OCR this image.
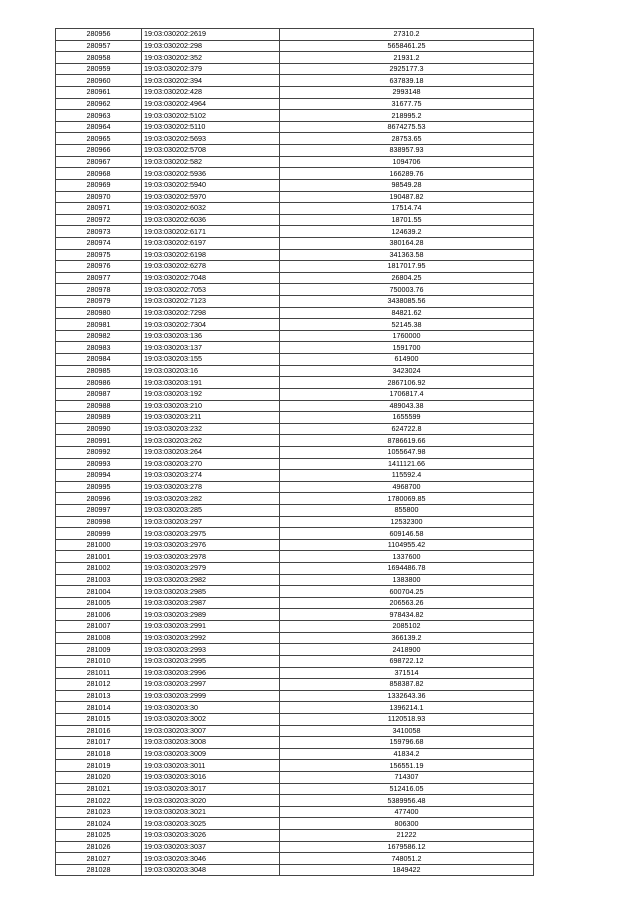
280956	19:03:030202:2619	27310.2
280957	19:03:030202:298	5658461.25
280958	19:03:030202:352	21931.2
280959	19:03:030202:379	2925177.3
280960	19:03:030202:394	637839.18
280961	19:03:030202:428	2993148
280962	19:03:030202:4964	31677.75
280963	19:03:030202:5102	218995.2
280964	19:03:030202:5110	8674275.53
280965	19:03:030202:5693	28753.65
280966	19:03:030202:5708	838957.93
280967	19:03:030202:582	1094706
280968	19:03:030202:5936	166289.76
280969	19:03:030202:5940	98549.28
280970	19:03:030202:5970	190487.82
280971	19:03:030202:6032	17514.74
280972	19:03:030202:6036	18701.55
280973	19:03:030202:6171	124639.2
280974	19:03:030202:6197	380164.28
280975	19:03:030202:6198	341363.58
280976	19:03:030202:6278	1817017.95
280977	19:03:030202:7048	26804.25
280978	19:03:030202:7053	750003.76
280979	19:03:030202:7123	3438085.56
280980	19:03:030202:7298	84821.62
280981	19:03:030202:7304	52145.38
280982	19:03:030203:136	1760000
280983	19:03:030203:137	1591700
280984	19:03:030203:155	614900
280985	19:03:030203:16	3423024
280986	19:03:030203:191	2867106.92
280987	19:03:030203:192	1706817.4
280988	19:03:030203:210	489043.38
280989	19:03:030203:211	1655599
280990	19:03:030203:232	624722.8
280991	19:03:030203:262	8786619.66
280992	19:03:030203:264	1055647.98
280993	19:03:030203:270	1411121.66
280994	19:03:030203:274	115592.4
280995	19:03:030203:278	4968700
280996	19:03:030203:282	1780069.85
280997	19:03:030203:285	855800
280998	19:03:030203:297	12532300
280999	19:03:030203:2975	609146.58
281000	19:03:030203:2976	1104955.42
281001	19:03:030203:2978	1337600
281002	19:03:030203:2979	1694486.78
281003	19:03:030203:2982	1383800
281004	19:03:030203:2985	600704.25
281005	19:03:030203:2987	206563.26
281006	19:03:030203:2989	978434.82
281007	19:03:030203:2991	2085102
281008	19:03:030203:2992	366139.2
281009	19:03:030203:2993	2418900
281010	19:03:030203:2995	698722.12
281011	19:03:030203:2996	371514
281012	19:03:030203:2997	858387.82
281013	19:03:030203:2999	1332643.36
281014	19:03:030203:30	1396214.1
281015	19:03:030203:3002	1120518.93
281016	19:03:030203:3007	3410058
281017	19:03:030203:3008	159796.68
281018	19:03:030203:3009	41834.2
281019	19:03:030203:3011	156551.19
281020	19:03:030203:3016	714307
281021	19:03:030203:3017	512416.05
281022	19:03:030203:3020	5389956.48
281023	19:03:030203:3021	477400
281024	19:03:030203:3025	806300
281025	19:03:030203:3026	21222
281026	19:03:030203:3037	1679586.12
281027	19:03:030203:3046	748051.2
281028	19:03:030203:3048	1849422
